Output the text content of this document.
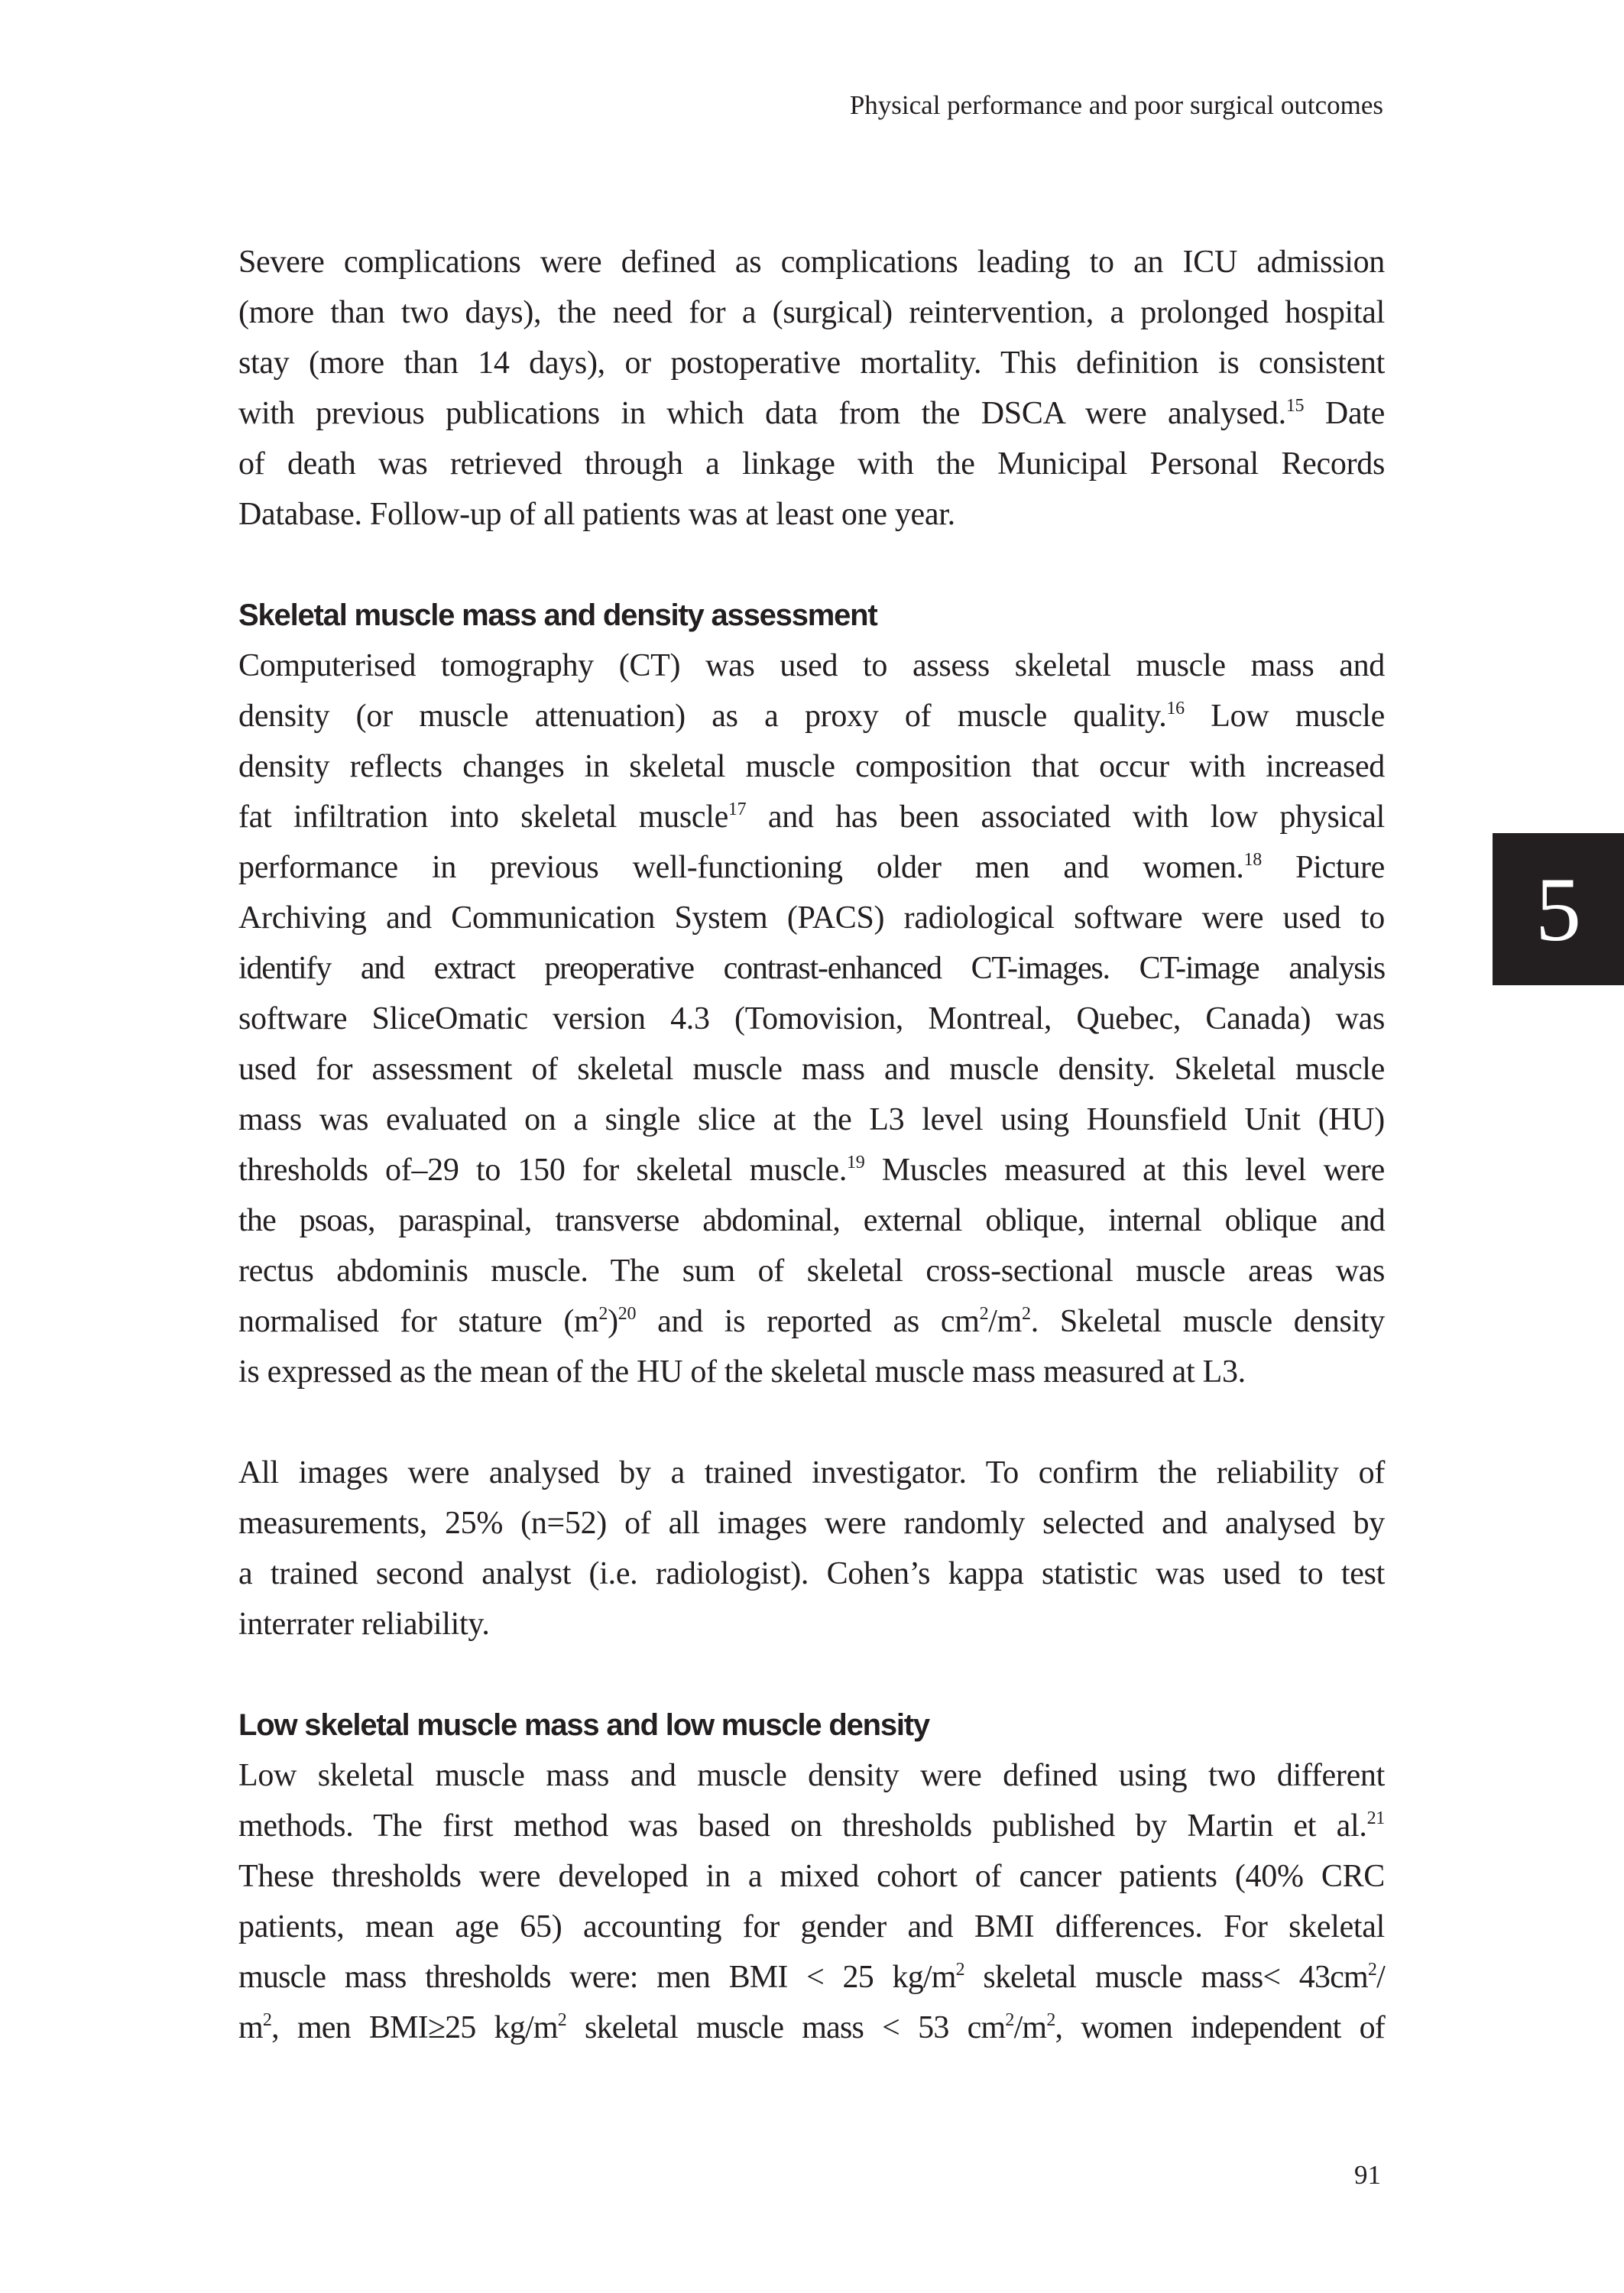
Physical performance and poor surgical outcomes
5
Severe complications were defined as complications leading to an ICU admission
(more than two days), the need for a (surgical) reintervention, a prolonged hospital
stay (more than 14 days), or postoperative mortality. This definition is consistent
with previous publications in which data from the DSCA were analysed.$^{15}$ Date
of death was retrieved through a linkage with the Municipal Personal Records
Database. Follow-up of all patients was at least one year.
Skeletal muscle mass and density assessment
Computerised tomography (CT) was used to assess skeletal muscle mass and
density (or muscle attenuation) as a proxy of muscle quality.$^{16}$ Low muscle
density reflects changes in skeletal muscle composition that occur with increased
fat infiltration into skeletal muscle$^{17}$ and has been associated with low physical
performance in previous well-functioning older men and women.$^{18}$ Picture
Archiving and Communication System (PACS) radiological software were used to
identify and extract preoperative contrast-enhanced CT-images. CT-image analysis
software SliceOmatic version 4.3 (Tomovision, Montreal, Quebec, Canada) was
used for assessment of skeletal muscle mass and muscle density. Skeletal muscle
mass was evaluated on a single slice at the L3 level using Hounsfield Unit (HU)
thresholds of–29 to 150 for skeletal muscle.$^{19}$ Muscles measured at this level were
the psoas, paraspinal, transverse abdominal, external oblique, internal oblique and
rectus abdominis muscle. The sum of skeletal cross-sectional muscle areas was
normalised for stature $(m^2)^{20}$ and is reported as $cm^2/m^2$. Skeletal muscle density
is expressed as the mean of the HU of the skeletal muscle mass measured at L3.
All images were analysed by a trained investigator. To confirm the reliability of
measurements, 25% (n=52) of all images were randomly selected and analysed by
a trained second analyst (i.e. radiologist). Cohen’s kappa statistic was used to test
interrater reliability.
Low skeletal muscle mass and low muscle density
Low skeletal muscle mass and muscle density were defined using two different
methods. The first method was based on thresholds published by Martin et al.$^{21}$
These thresholds were developed in a mixed cohort of cancer patients (40% CRC
patients, mean age 65) accounting for gender and BMI differences. For skeletal
muscle mass thresholds were: men BMI < 25 $kg/m^2$ skeletal muscle mass< $43cm^2/$
$m^2$, men BMI≥25 $kg/m^2$ skeletal muscle mass < 53 $cm^2/m^2$, women independent of
91
